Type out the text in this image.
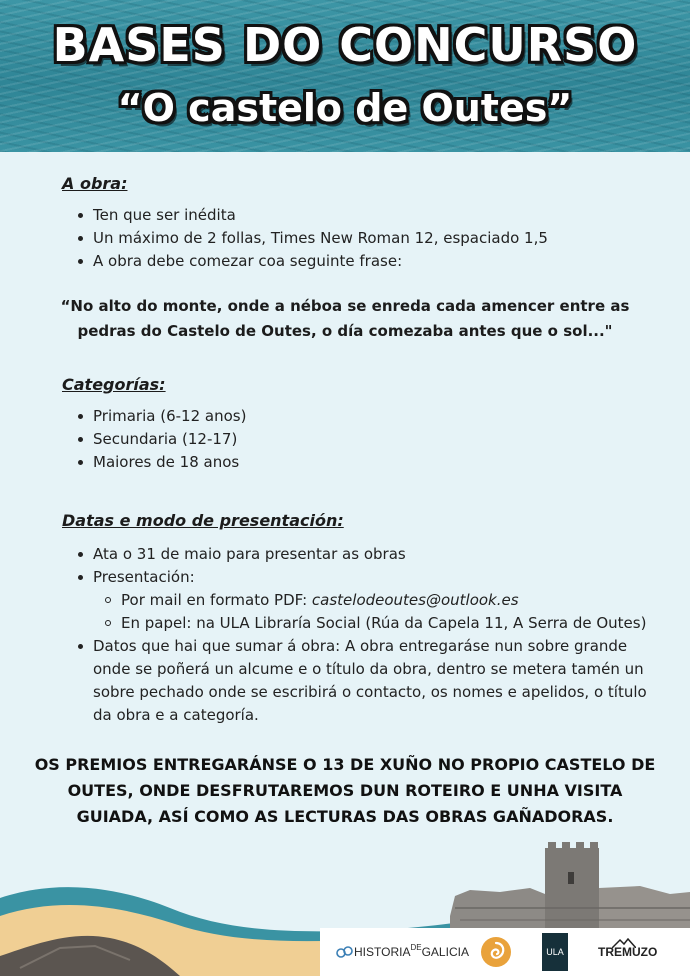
BASES DO CONCURSO
“O castelo de Outes”
A obra:
Ten que ser inédita
Un máximo de 2 follas, Times New Roman 12, espaciado 1,5
A obra debe comezar coa seguinte frase:
“No alto do monte, onde a néboa se enreda cada amencer entre as
pedras do Castelo de Outes, o día comezaba antes que o sol..."
Categorías:
Primaria (6-12 anos)
Secundaria (12-17)
Maiores de 18 anos
Datas e modo de presentación:
Ata o 31 de maio para presentar as obras
Presentación:
Por mail en formato PDF: castelodeoutes@outlook.es
En papel: na ULA Libraría Social (Rúa da Capela 11, A Serra de Outes)
Datos que hai que sumar á obra: A obra entregaráse nun sobre grande
onde se poñerá un alcume e o título da obra, dentro se metera tamén un
sobre pechado onde se escribirá o contacto, os nomes e apelidos, o título
da obra e a categoría.
OS PREMIOS ENTREGARÁNSE O 13 DE XUÑO NO PROPIO CASTELO DE
OUTES, ONDE DESFRUTAREMOS DUN ROTEIRO E UNHA VISITA
GUIADA, ASÍ COMO AS LECTURAS DAS OBRAS GAÑADORAS.
HISTORIA DE GALICIA	ULA	TREMUZO
